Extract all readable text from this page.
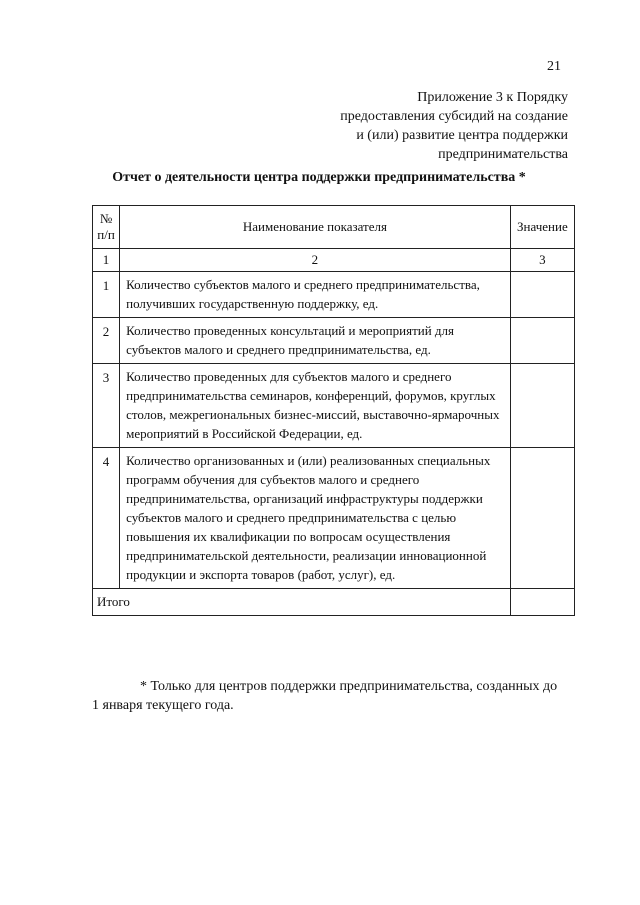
21
Приложение 3 к Порядку
предоставления субсидий на создание
и (или) развитие центра поддержки
предпринимательства
Отчет о деятельности центра поддержки предпринимательства *
№ п/п	Наименование показателя	Значение
1	2	3
1	Количество субъектов малого и среднего предпринимательства, получивших государственную поддержку, ед.	
2	Количество проведенных консультаций и мероприятий для субъектов малого и среднего предпринимательства, ед.	
3	Количество проведенных для субъектов малого и среднего предпринимательства семинаров, конференций, форумов, круглых столов, межрегиональных бизнес-миссий, выставочно-ярмарочных мероприятий в Российской Федерации, ед.	
4	Количество организованных и (или) реализованных специальных программ обучения для субъектов малого и среднего предпринимательства, организаций инфраструктуры поддержки субъектов малого и среднего предпринимательства с целью повышения их квалификации по вопросам осуществления предпринимательской деятельности, реализации инновационной продукции и экспорта товаров (работ, услуг), ед.	
Итого		
* Только для центров поддержки предпринимательства, созданных до 1 января текущего года.
